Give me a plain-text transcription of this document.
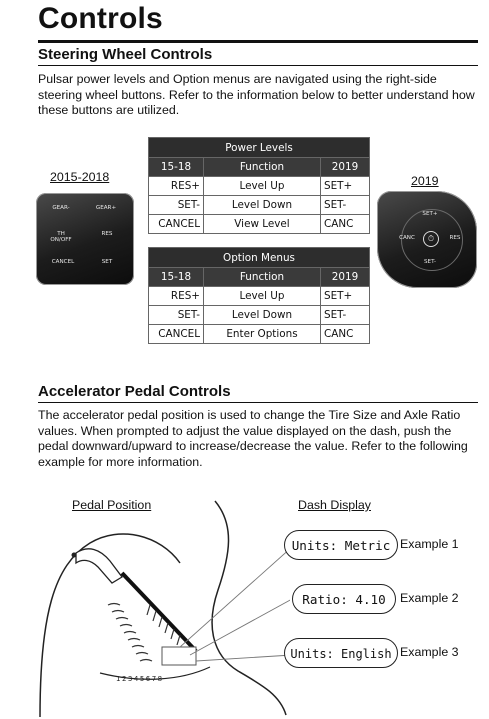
Controls
Steering Wheel Controls

Pulsar power levels and Option menus are navigated using the right-side steering wheel buttons. Refer to the information below to better understand how these buttons are utilized.

2015-2018	2019
GEAR-	GEAR+
TH ON/OFF
RES
CANCEL	SET
⏱
SET+
CANC	RES
SET-
Power Levels		
15-18	Function	2019
RES+	Level Up	SET+
SET-	Level Down	SET-
CANCEL	View Level	CANC
Option Menus		
15-18	Function	2019
RES+	Level Up	SET+
SET-	Level Down	SET-
CANCEL	Enter Options	CANC
Accelerator Pedal Controls

The accelerator pedal position is used to change the Tire Size and Axle Ratio values. When prompted to adjust the value displayed on the dash, push the pedal downward/upward to increase/decrease the value. Refer to the following example for more information.

Pedal Position	Dash Display
12345678
Units: Metric Example 1
Ratio: 4.10	Example 2
Units: English Example 3
